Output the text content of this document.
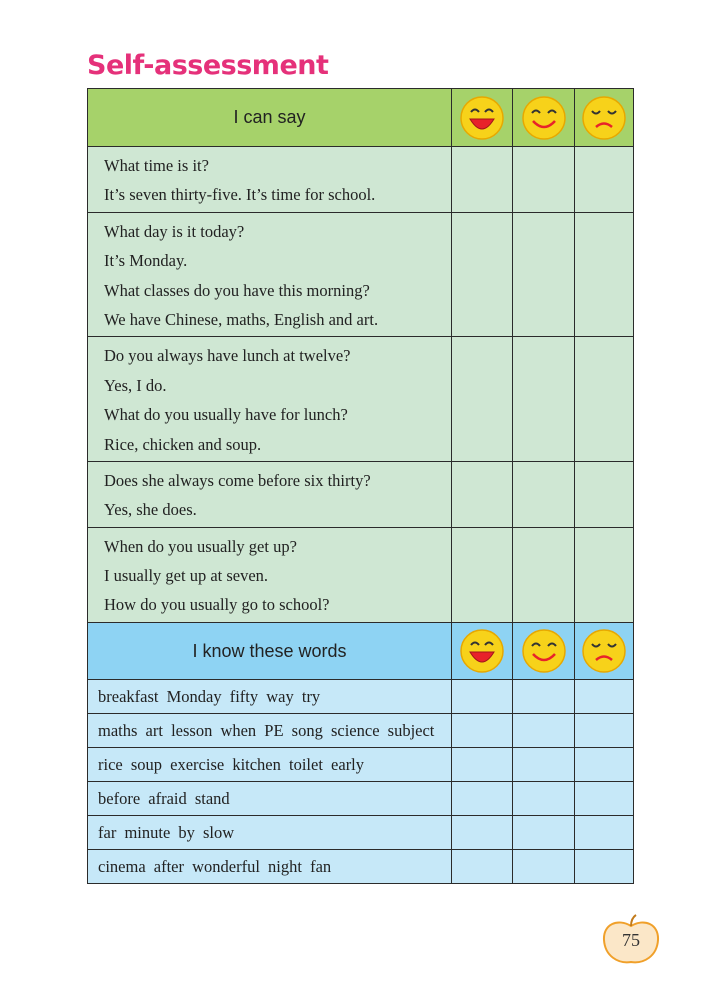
Self-assessment
I can say	

What time is it?
It’s seven thirty-five. It’s time for school.			

What day is it today?
It’s Monday.
What classes do you have this morning?
We have Chinese, maths, English and art.			

Do you always have lunch at twelve?
Yes, I do.
What do you usually have for lunch?
Rice, chicken and soup.			

Does she always come before six thirty?
Yes, she does.			

When do you usually get up?
I usually get up at seven.
How do you usually go to school?			

I know these words	

breakfast Monday fifty way try			
maths art lesson when PE song science subject			
rice soup exercise kitchen toilet early			
before afraid stand			
far minute by slow			
cinema after wonderful night fan			
75
